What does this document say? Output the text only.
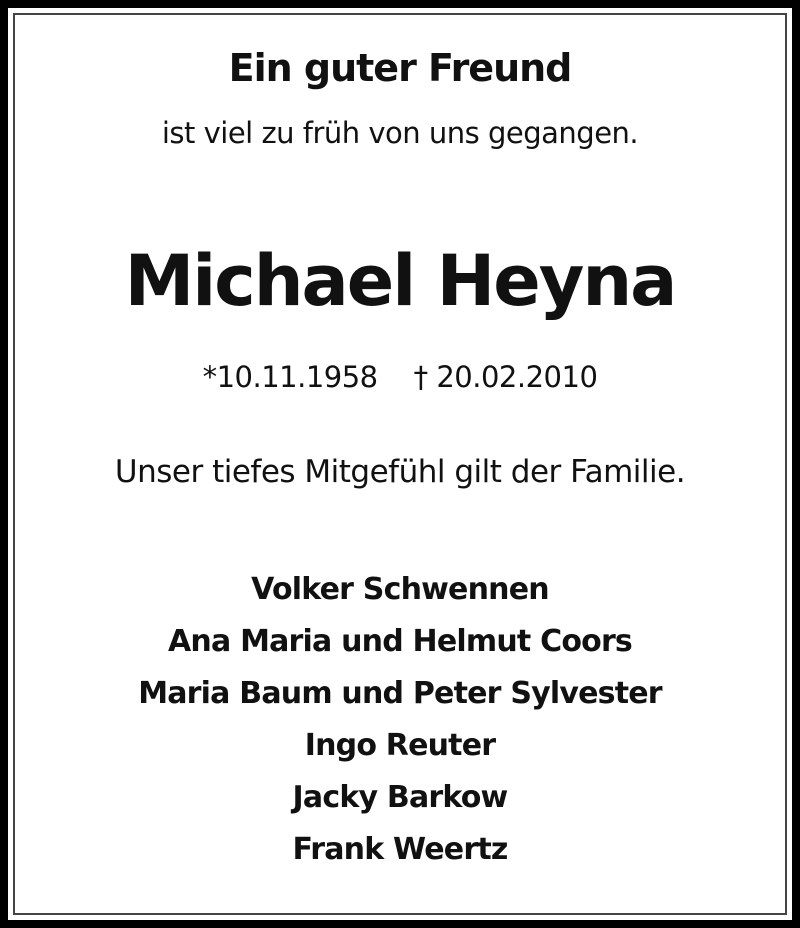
Ein guter Freund
ist viel zu früh von uns gegangen.
Michael Heyna
*10.11.1958 † 20.02.2010
Unser tiefes Mitgefühl gilt der Familie.
Volker Schwennen
Ana Maria und Helmut Coors
Maria Baum und Peter Sylvester
Ingo Reuter
Jacky Barkow
Frank Weertz
